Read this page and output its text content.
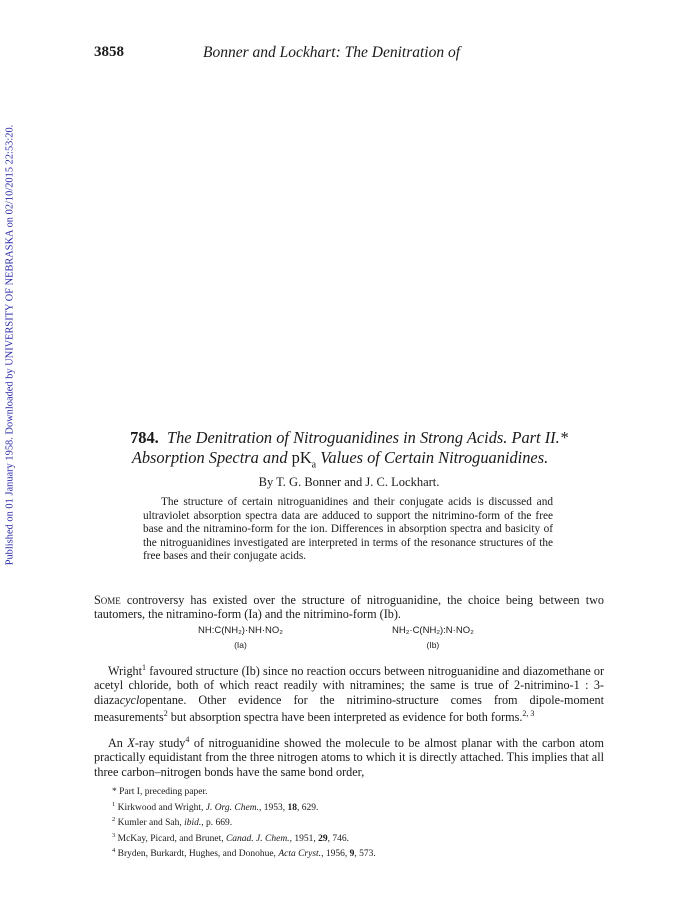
Published on 01 January 1958. Downloaded by UNIVERSITY OF NEBRASKA on 02/10/2015 22:53:20.
3858	Bonner and Lockhart: The Denitration of
784. The Denitration of Nitroguanidines in Strong Acids. Part II.*
Absorption Spectra and $pK_a$ Values of Certain Nitroguanidines.
By T. G. Bonner and J. C. Lockhart.

The structure of certain nitroguanidines and their conjugate acids is discussed and ultraviolet absorption spectra data are adduced to support the nitrimino-form of the free base and the nitramino-form for the ion. Differences in absorption spectra and basicity of the nitroguanidines investigated are interpreted in terms of the resonance structures of the free bases and their conjugate acids.

Some controversy has existed over the structure of nitroguanidine, the choice being between two tautomers, the nitramino-form (Ia) and the nitrimino-form (Ib).

NH:C(NH₂)·NH·NO₂
(Ia)
NH₂·C(NH₂):N·NO₂
(Ib)

Wright$^1$ favoured structure (Ib) since no reaction occurs between nitroguanidine and diazomethane or acetyl chloride, both of which react readily with nitramines; the same is true of 2-nitrimino-1 : 3-diazacyclopentane. Other evidence for the nitrimino-structure comes from dipole-moment measurements$^2$ but absorption spectra have been interpreted as evidence for both forms.$^{2, 3}$

An X-ray study$^4$ of nitroguanidine showed the molecule to be almost planar with the carbon atom practically equidistant from the three nitrogen atoms to which it is directly attached. This implies that all three carbon–nitrogen bonds have the same bond order,

* Part I, preceding paper.
$^1$ Kirkwood and Wright, J. Org. Chem., 1953, 18, 629.
$^2$ Kumler and Sah, ibid., p. 669.
$^3$ McKay, Picard, and Brunet, Canad. J. Chem., 1951, 29, 746.
$^4$ Bryden, Burkardt, Hughes, and Donohue, Acta Cryst., 1956, 9, 573.
